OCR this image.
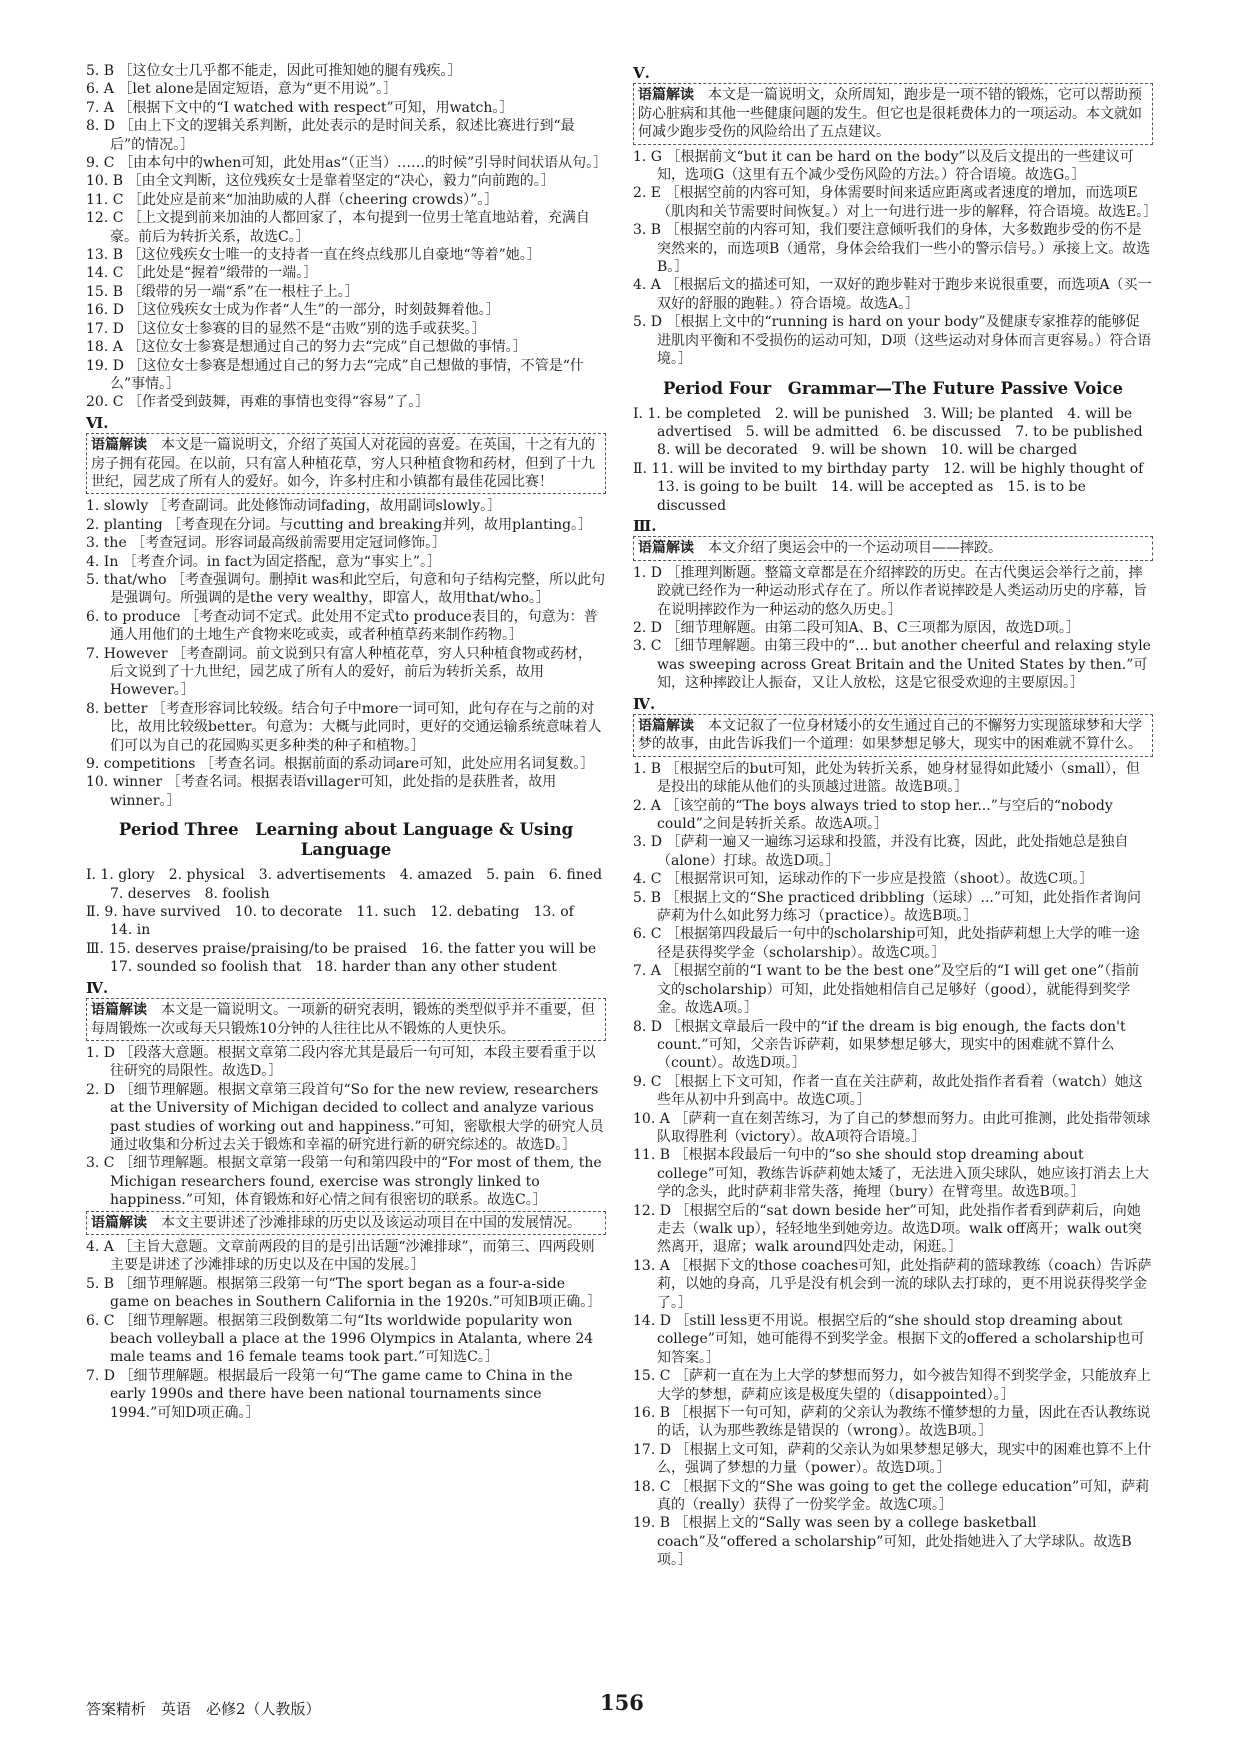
5. B ［这位女士几乎都不能走，因此可推知她的腿有残疾。］

6. A ［let alone是固定短语，意为“更不用说”。］

7. A ［根据下文中的“I watched with respect”可知，用watch。］

8. D ［由上下文的逻辑关系判断，此处表示的是时间关系，叙述比赛进行到“最后”的情况。］

9. C ［由本句中的when可知，此处用as“（正当）……的时候”引导时间状语从句。］

10. B ［由全文判断，这位残疾女士是靠着坚定的“决心，毅力”向前跑的。］

11. C ［此处应是前来“加油助威的人群（cheering crowds）”。］

12. C ［上文提到前来加油的人都回家了，本句提到一位男士笔直地站着，充满自豪。前后为转折关系，故选C。］

13. B ［这位残疾女士唯一的支持者一直在终点线那儿自豪地“等着”她。］

14. C ［此处是“握着”缎带的一端。］

15. B ［缎带的另一端“系”在一根柱子上。］

16. D ［这位残疾女士成为作者“人生”的一部分，时刻鼓舞着他。］

17. D ［这位女士参赛的目的显然不是“击败”别的选手或获奖。］

18. A ［这位女士参赛是想通过自己的努力去“完成”自己想做的事情。］

19. D ［这位女士参赛是想通过自己的努力去“完成”自己想做的事情，不管是“什么”事情。］

20. C ［作者受到鼓舞，再难的事情也变得“容易”了。］

Ⅵ.

语篇解读　 本文是一篇说明文，介绍了英国人对花园的喜爱。在英国，十之有九的房子拥有花园。在以前，只有富人种植花草，穷人只种植食物和药材，但到了十九世纪，园艺成了所有人的爱好。如今，许多村庄和小镇都有最佳花园比赛！

1. slowly ［考查副词。此处修饰动词fading，故用副词slowly。］

2. planting ［考查现在分词。与cutting and breaking并列，故用planting。］

3. the ［考查冠词。形容词最高级前需要用定冠词修饰。］

4. In ［考查介词。in fact为固定搭配，意为“事实上”。］

5. that/who ［考查强调句。删掉it was和此空后，句意和句子结构完整，所以此句是强调句。所强调的是the very wealthy，即富人，故用that/who。］

6. to produce ［考查动词不定式。此处用不定式to produce表目的，句意为：普通人用他们的土地生产食物来吃或卖，或者种植草药来制作药物。］

7. However ［考查副词。前文说到只有富人种植花草，穷人只种植食物或药材，后文说到了十九世纪，园艺成了所有人的爱好，前后为转折关系，故用However。］

8. better ［考查形容词比较级。结合句子中more一词可知，此句存在与之前的对比，故用比较级better。句意为：大概与此同时，更好的交通运输系统意味着人们可以为自己的花园购买更多种类的种子和植物。］

9. competitions ［考查名词。根据前面的系动词are可知，此处应用名词复数。］

10. winner ［考查名词。根据表语villager可知，此处指的是获胜者，故用winner。］

Period Three　Learning about Language & Using Language

Ⅰ. 1. glory　2. physical　3. advertisements　4. amazed　5. pain　6. fined　7. deserves　8. foolish

Ⅱ. 9. have survived　10. to decorate　11. such　12. debating　13. of　14. in

Ⅲ. 15. deserves praise/praising/to be praised　16. the fatter you will be　17. sounded so foolish that　18. harder than any other student

Ⅳ.

语篇解读　 本文是一篇说明文。一项新的研究表明，锻炼的类型似乎并不重要，但每周锻炼一次或每天只锻炼10分钟的人往往比从不锻炼的人更快乐。

1. D ［段落大意题。根据文章第二段内容尤其是最后一句可知，本段主要看重于以往研究的局限性。故选D。］

2. D ［细节理解题。根据文章第三段首句“So for the new review, researchers at the University of Michigan decided to collect and analyze various past studies of working out and happiness.”可知，密歇根大学的研究人员通过收集和分析过去关于锻炼和幸福的研究进行新的研究综述的。故选D。］

3. C ［细节理解题。根据文章第一段第一句和第四段中的“For most of them, the Michigan researchers found, exercise was strongly linked to happiness.”可知，体育锻炼和好心情之间有很密切的联系。故选C。］

语篇解读　 本文主要讲述了沙滩排球的历史以及该运动项目在中国的发展情况。

4. A ［主旨大意题。文章前两段的目的是引出话题“沙滩排球”，而第三、四两段则主要是讲述了沙滩排球的历史以及在中国的发展。］

5. B ［细节理解题。根据第三段第一句“The sport began as a four-a-side game on beaches in Southern California in the 1920s.”可知B项正确。］

6. C ［细节理解题。根据第三段倒数第二句“Its worldwide popularity won beach volleyball a place at the 1996 Olympics in Atalanta, where 24 male teams and 16 female teams took part.”可知选C。］

7. D ［细节理解题。根据最后一段第一句“The game came to China in the early 1990s and there have been national tournaments since 1994.”可知D项正确。］

Ⅴ.

语篇解读　 本文是一篇说明文，众所周知，跑步是一项不错的锻炼，它可以帮助预防心脏病和其他一些健康问题的发生。但它也是很耗费体力的一项运动。本文就如何减少跑步受伤的风险给出了五点建议。

1. G ［根据前文“but it can be hard on the body”以及后文提出的一些建议可知，选项G（这里有五个减少受伤风险的方法。）符合语境。故选G。］

2. E ［根据空前的内容可知，身体需要时间来适应距离或者速度的增加，而选项E（肌肉和关节需要时间恢复。）对上一句进行进一步的解释，符合语境。故选E。］

3. B ［根据空前的内容可知，我们要注意倾听我们的身体，大多数跑步受的伤不是突然来的，而选项B（通常，身体会给我们一些小的警示信号。）承接上文。故选B。］

4. A ［根据后文的描述可知，一双好的跑步鞋对于跑步来说很重要，而选项A（买一双好的舒服的跑鞋。）符合语境。故选A。］

5. D ［根据上文中的“running is hard on your body”及健康专家推荐的能够促进肌肉平衡和不受损伤的运动可知，D项（这些运动对身体而言更容易。）符合语境。］

Period Four　Grammar—The Future Passive Voice

Ⅰ. 1. be completed　2. will be punished　3. Will; be planted　4. will be advertised　5. will be admitted　6. be discussed　7. to be published　8. will be decorated　9. will be shown　10. will be charged

Ⅱ. 11. will be invited to my birthday party　12. will be highly thought of　13. is going to be built　14. will be accepted as　15. is to be discussed

Ⅲ.

语篇解读　 本文介绍了奥运会中的一个运动项目——摔跤。

1. D ［推理判断题。整篇文章都是在介绍摔跤的历史。在古代奥运会举行之前，摔跤就已经作为一种运动形式存在了。所以作者说摔跤是人类运动历史的序幕，旨在说明摔跤作为一种运动的悠久历史。］

2. D ［细节理解题。由第二段可知A、B、C三项都为原因，故选D项。］

3. C ［细节理解题。由第三段中的“... but another cheerful and relaxing style was sweeping across Great Britain and the United States by then.”可知，这种摔跤让人振奋，又让人放松，这是它很受欢迎的主要原因。］

Ⅳ.

语篇解读　 本文记叙了一位身材矮小的女生通过自己的不懈努力实现篮球梦和大学梦的故事，由此告诉我们一个道理：如果梦想足够大，现实中的困难就不算什么。

1. B ［根据空后的but可知，此处为转折关系，她身材显得如此矮小（small），但是投出的球能从他们的头顶越过进篮。故选B项。］

2. A ［该空前的“The boys always tried to stop her...”与空后的“nobody could”之间是转折关系。故选A项。］

3. D ［萨莉一遍又一遍练习运球和投篮，并没有比赛，因此，此处指她总是独自（alone）打球。故选D项。］

4. C ［根据常识可知，运球动作的下一步应是投篮（shoot）。故选C项。］

5. B ［根据上文的“She practiced dribbling（运球）...”可知，此处指作者询问萨莉为什么如此努力练习（practice）。故选B项。］

6. C ［根据第四段最后一句中的scholarship可知，此处指萨莉想上大学的唯一途径是获得奖学金（scholarship）。故选C项。］

7. A ［根据空前的“I want to be the best one”及空后的“I will get one”（指前文的scholarship）可知，此处指她相信自己足够好（good），就能得到奖学金。故选A项。］

8. D ［根据文章最后一段中的“if the dream is big enough, the facts don't count.”可知，父亲告诉萨莉，如果梦想足够大，现实中的困难就不算什么（count）。故选D项。］

9. C ［根据上下文可知，作者一直在关注萨莉，故此处指作者看着（watch）她这些年从初中升到高中。故选C项。］

10. A ［萨莉一直在刻苦练习，为了自己的梦想而努力。由此可推测，此处指带领球队取得胜利（victory）。故A项符合语境。］

11. B ［根据本段最后一句中的“so she should stop dreaming about college”可知，教练告诉萨莉她太矮了，无法进入顶尖球队，她应该打消去上大学的念头，此时萨莉非常失落，掩埋（bury）在臂弯里。故选B项。］

12. D ［根据空后的“sat down beside her”可知，此处指作者看到萨莉后，向她走去（walk up），轻轻地坐到她旁边。故选D项。walk off离开；walk out突然离开，退席；walk around四处走动，闲逛。］

13. A ［根据下文的those coaches可知，此处指萨莉的篮球教练（coach）告诉萨莉，以她的身高，几乎是没有机会到一流的球队去打球的，更不用说获得奖学金了。］

14. D ［still less更不用说。根据空后的“she should stop dreaming about college”可知，她可能得不到奖学金。根据下文的offered a scholarship也可知答案。］

15. C ［萨莉一直在为上大学的梦想而努力，如今被告知得不到奖学金，只能放弃上大学的梦想，萨莉应该是极度失望的（disappointed）。］

16. B ［根据下一句可知，萨莉的父亲认为教练不懂梦想的力量，因此在否认教练说的话，认为那些教练是错误的（wrong）。故选B项。］

17. D ［根据上文可知，萨莉的父亲认为如果梦想足够大，现实中的困难也算不上什么，强调了梦想的力量（power）。故选D项。］

18. C ［根据下文的“She was going to get the college education”可知，萨莉真的（really）获得了一份奖学金。故选C项。］

19. B ［根据上文的“Sally was seen by a college basketball coach”及“offered a scholarship”可知，此处指她进入了大学球队。故选B项。］

答案精析　英语　必修2（人教版）	156
